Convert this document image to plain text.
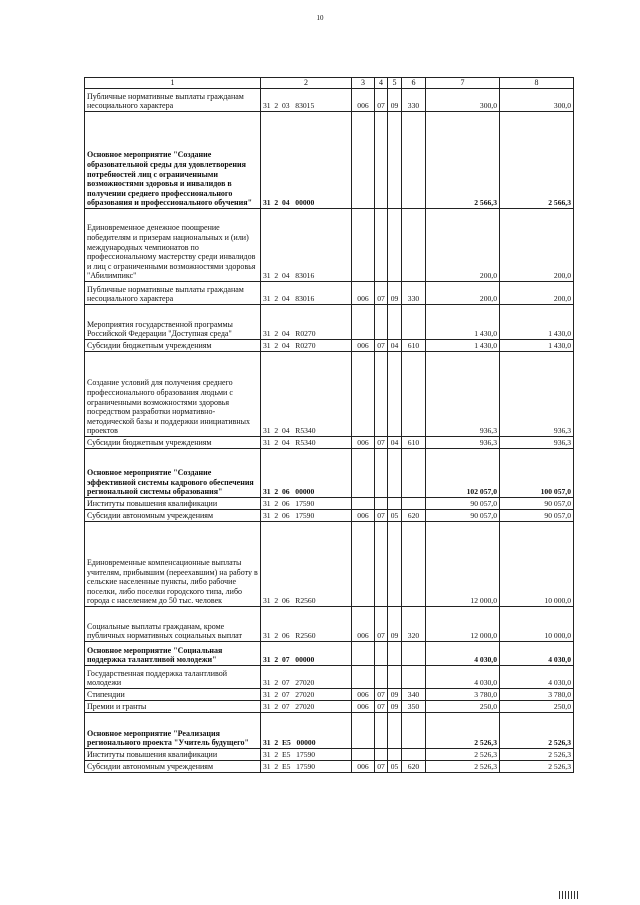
10
1	2	3	4	5	6	7	8
Публичные нормативные выплаты гражданам несоциального характера	31  2  03   83015	006	07	09	330	300,0	300,0
Основное мероприятие "Создание образовательной среды для удовлетворения потребностей лиц с ограниченными возможностями здоровья и инвалидов в получении среднего профессионального образования и профессионального обучения"	31  2  04   00000					2 566,3	2 566,3
Единовременное денежное поощрение победителям и призерам национальных и (или) международных чемпионатов по профессиональному мастерству среди инвалидов и лиц с ограниченными возможностями здоровья "Абилимпикс"	31  2  04   83016					200,0	200,0
Публичные нормативные выплаты гражданам несоциального характера	31  2  04   83016	006	07	09	330	200,0	200,0
Мероприятия государственной программы Российской Федерации "Доступная среда"	31  2  04   R0270					1 430,0	1 430,0
Субсидии бюджетным учреждениям	31  2  04   R0270	006	07	04	610	1 430,0	1 430,0
Создание условий для получения среднего профессионального образования людьми с ограниченными возможностями здоровья посредством разработки нормативно-методической базы и поддержки инициативных проектов	31  2  04   R5340					936,3	936,3
Субсидии бюджетным учреждениям	31  2  04   R5340	006	07	04	610	936,3	936,3
Основное мероприятие "Создание эффективной системы кадрового обеспечения региональной системы образования"	31  2  06   00000					102 057,0	100 057,0
Институты повышения квалификации	31  2  06   17590					90 057,0	90 057,0
Субсидии автономным учреждениям	31  2  06   17590	006	07	05	620	90 057,0	90 057,0
Единовременные компенсационные выплаты учителям, прибывшим (переехавшим) на работу в сельские населенные пункты, либо рабочие поселки, либо поселки городского типа, либо города с населением до 50 тыс. человек	31  2  06   R2560					12 000,0	10 000,0
Социальные выплаты гражданам, кроме публичных нормативных социальных выплат	31  2  06   R2560	006	07	09	320	12 000,0	10 000,0
Основное мероприятие "Социальная поддержка талантливой молодежи"	31  2  07   00000					4 030,0	4 030,0
Государственная поддержка талантливой молодежи	31  2  07   27020					4 030,0	4 030,0
Стипендии	31  2  07   27020	006	07	09	340	3 780,0	3 780,0
Премии и гранты	31  2  07   27020	006	07	09	350	250,0	250,0
Основное мероприятие "Реализация регионального проекта "Учитель будущего"	31  2  E5   00000					2 526,3	2 526,3
Институты повышения квалификации	31  2  E5   17590					2 526,3	2 526,3
Субсидии автономным учреждениям	31  2  E5   17590	006	07	05	620	2 526,3	2 526,3
